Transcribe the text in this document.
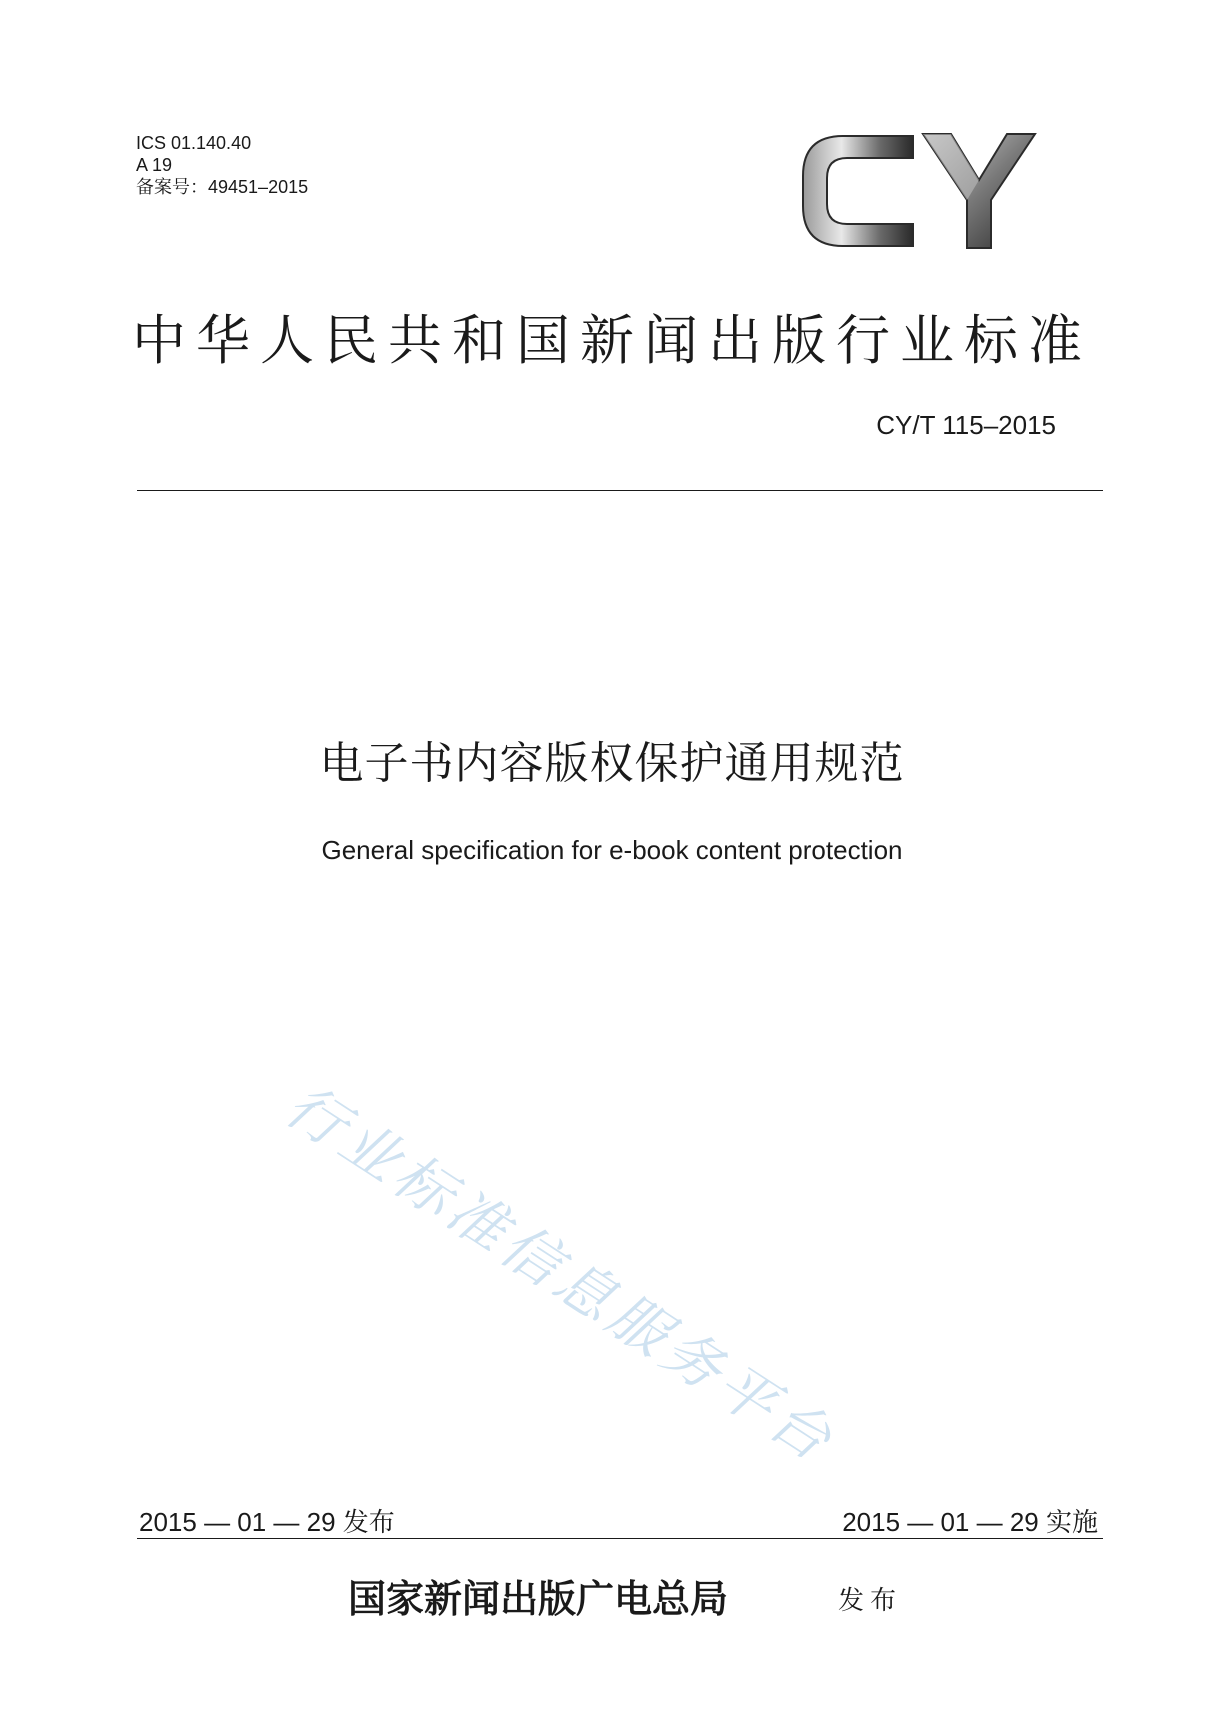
ICS 01.140.40
A 19
备案号：49451–2015
中华人民共和国新闻出版行业标准
CY/T 115–2015
电子书内容版权保护通用规范
General specification for e-book content protection
行业标准信息服务平台
2015 — 01 — 29 发布	2015 — 01 — 29 实施
国家新闻出版广电总局	发布
